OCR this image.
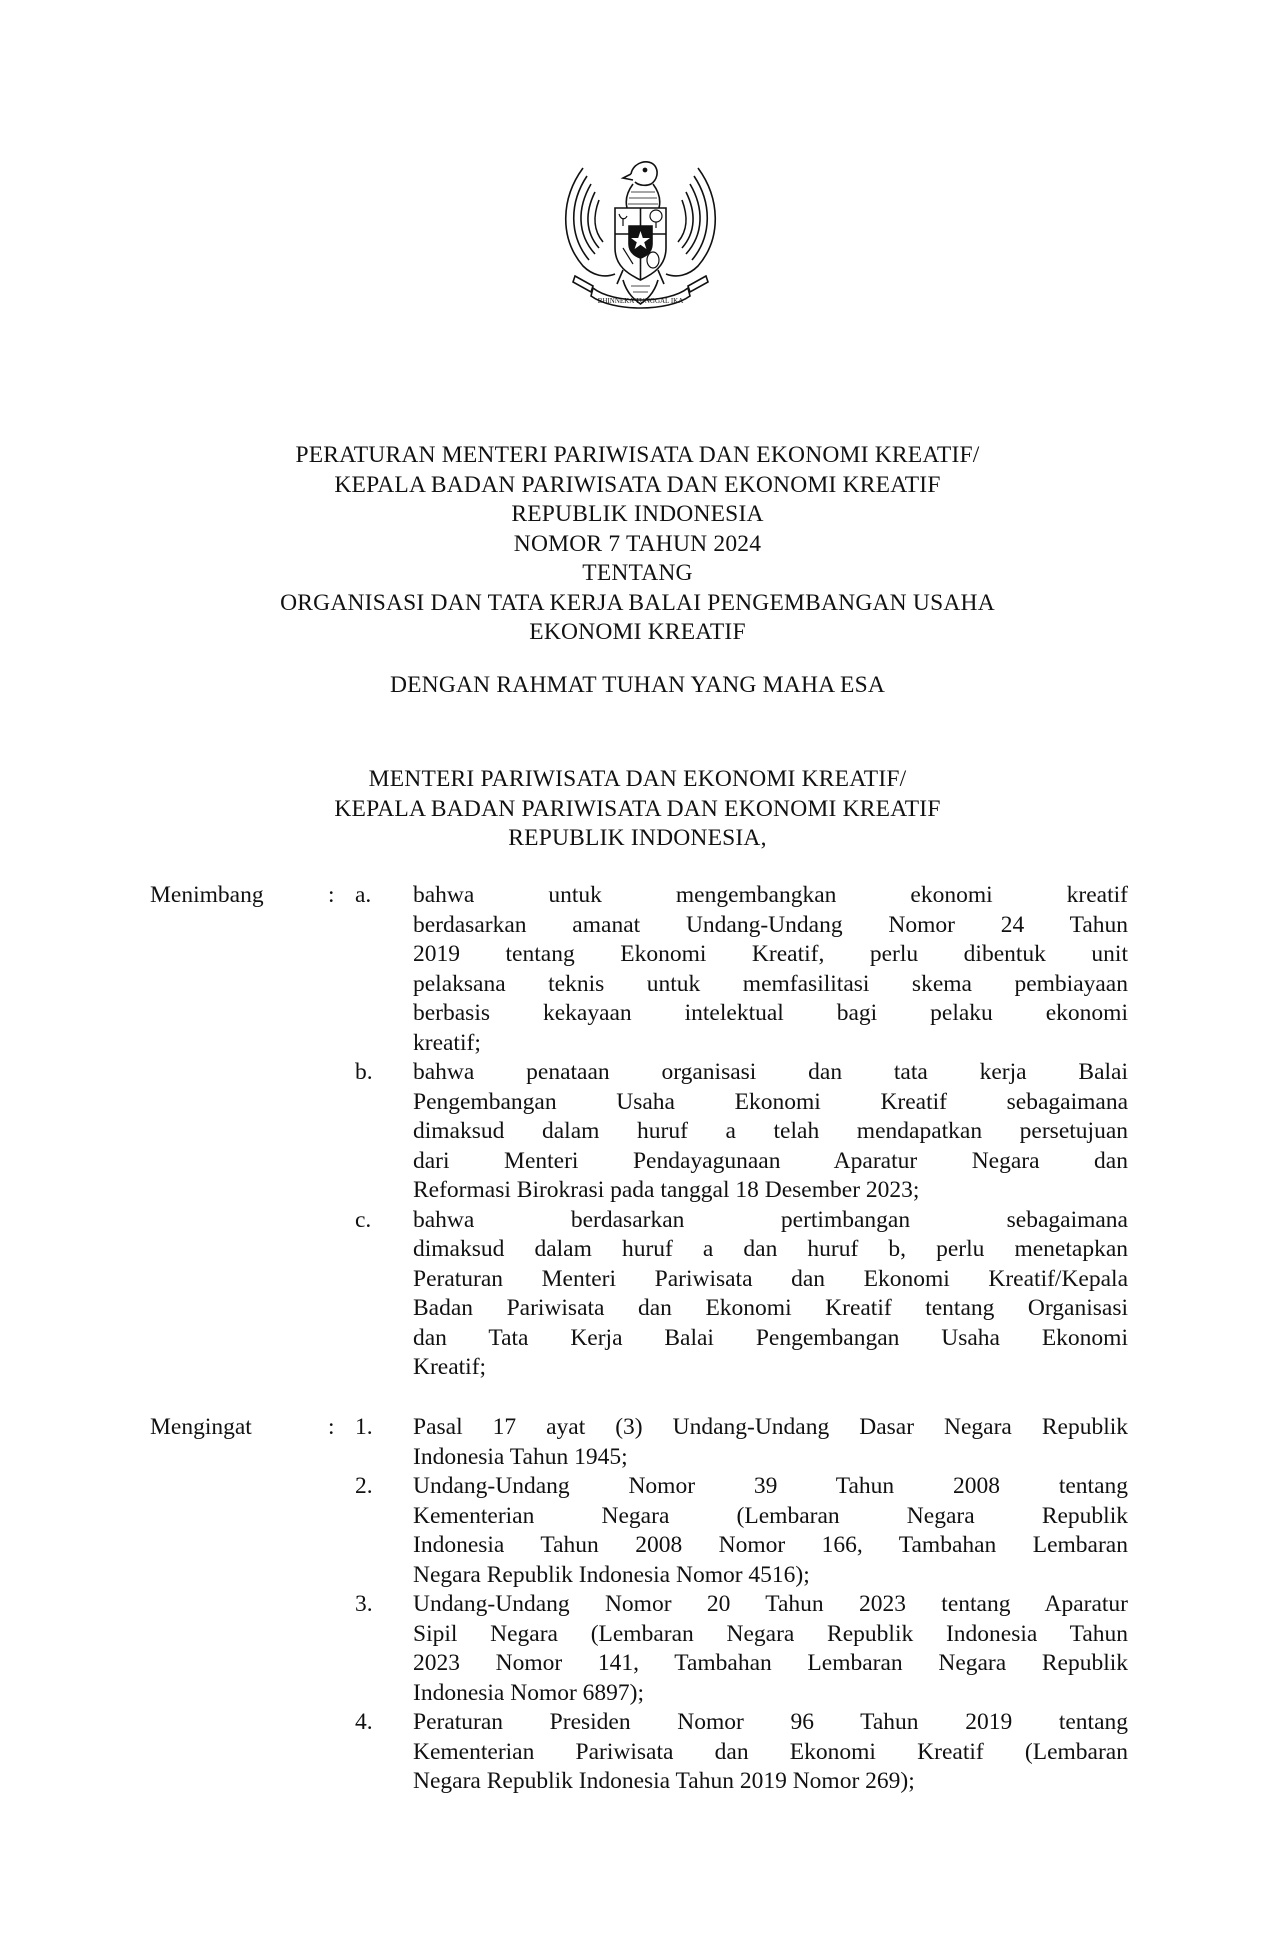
BHINNEKA TUNGGAL IKA
PERATURAN MENTERI PARIWISATA DAN EKONOMI KREATIF/
KEPALA BADAN PARIWISATA DAN EKONOMI KREATIF
REPUBLIK INDONESIA
NOMOR 7 TAHUN 2024
TENTANG
ORGANISASI DAN TATA KERJA BALAI PENGEMBANGAN USAHA
EKONOMI KREATIF
DENGAN RAHMAT TUHAN YANG MAHA ESA
MENTERI PARIWISATA DAN EKONOMI KREATIF/
KEPALA BADAN PARIWISATA DAN EKONOMI KREATIF
REPUBLIK INDONESIA,
Menimbang	: a.	bahwa untuk mengembangkan ekonomi kreatif
berdasarkan amanat Undang-Undang Nomor 24 Tahun
2019 tentang Ekonomi Kreatif, perlu dibentuk unit
pelaksana teknis untuk memfasilitasi skema pembiayaan
berbasis kekayaan intelektual bagi pelaku ekonomi
kreatif;
b.	bahwa penataan organisasi dan tata kerja Balai
Pengembangan Usaha Ekonomi Kreatif sebagaimana
dimaksud dalam huruf a telah mendapatkan persetujuan
dari Menteri Pendayagunaan Aparatur Negara dan
Reformasi Birokrasi pada tanggal 18 Desember 2023;
c.	bahwa berdasarkan pertimbangan sebagaimana
dimaksud dalam huruf a dan huruf b, perlu menetapkan
Peraturan Menteri Pariwisata dan Ekonomi Kreatif/Kepala
Badan Pariwisata dan Ekonomi Kreatif tentang Organisasi
dan Tata Kerja Balai Pengembangan Usaha Ekonomi
Kreatif;
Mengingat	: 1.	Pasal 17 ayat (3) Undang-Undang Dasar Negara Republik
Indonesia Tahun 1945;
2.	Undang-Undang Nomor 39 Tahun 2008 tentang
Kementerian Negara (Lembaran Negara Republik
Indonesia Tahun 2008 Nomor 166, Tambahan Lembaran
Negara Republik Indonesia Nomor 4516);
3.	Undang-Undang Nomor 20 Tahun 2023 tentang Aparatur
Sipil Negara (Lembaran Negara Republik Indonesia Tahun
2023 Nomor 141, Tambahan Lembaran Negara Republik
Indonesia Nomor 6897);
4.	Peraturan Presiden Nomor 96 Tahun 2019 tentang
Kementerian Pariwisata dan Ekonomi Kreatif (Lembaran
Negara Republik Indonesia Tahun 2019 Nomor 269);
